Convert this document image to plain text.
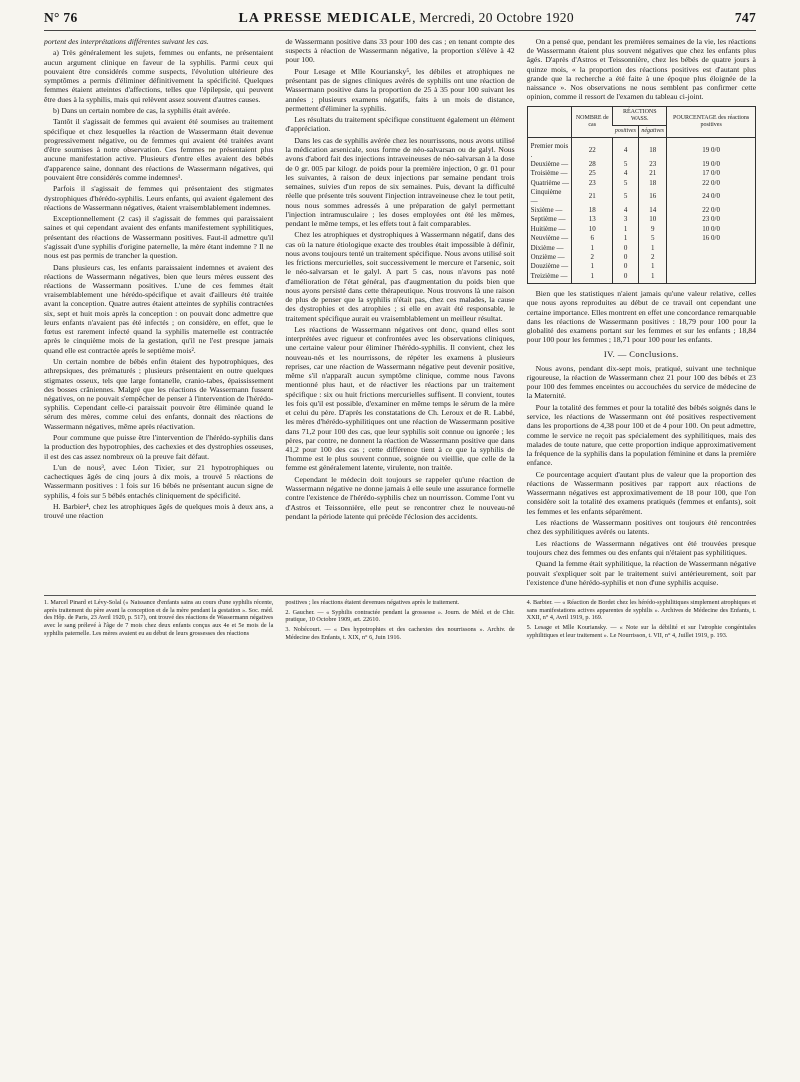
N° 76	LA PRESSE MEDICALE, Mercredi, 20 Octobre 1920	747

portent des interprétations différentes suivant les cas.

a) Très généralement les sujets, femmes ou enfants, ne présentaient aucun argument clinique en faveur de la syphilis. Parmi ceux qui pouvaient être considérés comme suspects, l'évolution ultérieure des symptômes a permis d'éliminer définitivement la spécificité. Quelques femmes étaient atteintes d'affections, telles que l'épilepsie, qui peuvent être dues à la syphilis, mais qui relèvent assez souvent d'autres causes.

b) Dans un certain nombre de cas, la syphilis était avérée.

Tantôt il s'agissait de femmes qui avaient été soumises au traitement spécifique et chez lesquelles la réaction de Wassermann était devenue progressivement négative, ou de femmes qui avaient été traitées avant d'être soumises à notre observation. Ces femmes ne présentaient plus aucune manifestation active. Plusieurs d'entre elles avaient des bébés d'apparence saine, donnant des réactions de Wassermann négatives, qui pouvaient être considérés comme indemnes¹.

Parfois il s'agissait de femmes qui présentaient des stigmates dystrophiques d'hérédo-syphilis. Leurs enfants, qui avaient également des réactions de Wassermann négatives, étaient vraisemblablement indemnes.

Exceptionnellement (2 cas) il s'agissait de femmes qui paraissaient saines et qui cependant avaient des enfants manifestement syphilitiques, présentant des réactions de Wassermann positives. Faut-il admettre qu'il s'agissait d'une syphilis d'origine paternelle, la mère étant indemne ? Il ne nous est pas permis de trancher la question.

Dans plusieurs cas, les enfants paraissaient indemnes et avaient des réactions de Wassermann négatives, bien que leurs mères eussent des réactions de Wassermann positives. L'une de ces femmes était vraisemblablement une hérédo-spécifique et avait d'ailleurs été traitée avant la conception. Quatre autres étaient atteintes de syphilis contractées six, sept et huit mois après la conception : on pouvait donc admettre que leurs enfants n'avaient pas été infectés ; on considère, en effet, que le fœtus est rarement infecté quand la syphilis maternelle est contractée après le cinquième mois de la gestation, qu'il ne l'est presque jamais quand elle est contractée après le septième mois².

Un certain nombre de bébés enfin étaient des hypotrophiques, des athrepsiques, des prématurés ; plusieurs présentaient en outre quelques stigmates osseux, tels que large fontanelle, cranio-tabes, épaississement des bosses crâniennes. Malgré que les réactions de Wassermann fussent négatives, on ne pouvait s'empêcher de penser à l'intervention de l'hérédo-syphilis. Cependant celle-ci paraissait pouvoir être éliminée quand le sérum des mères, comme celui des enfants, donnait des réactions de Wassermann négatives, même après réactivation.

Pour commune que puisse être l'intervention de l'hérédo-syphilis dans la production des hypotrophies, des cachexies et des dystrophies osseuses, il est des cas assez nombreux où la preuve fait défaut.

L'un de nous³, avec Léon Tixier, sur 21 hypotrophiques ou cachectiques âgés de cinq jours à dix mois, a trouvé 5 réactions de Wassermann positives : 1 fois sur 16 bébés ne présentant aucun signe de syphilis, 4 fois sur 5 bébés entachés cliniquement de spécificité.

H. Barbier⁴, chez les atrophiques âgés de quelques mois à deux ans, a trouvé une réaction

de Wassermann positive dans 33 pour 100 des cas ; en tenant compte des suspects à réaction de Wassermann négative, la proportion s'élève à 42 pour 100.

Pour Lesage et Mlle Kouriansky⁵, les débiles et atrophiques ne présentant pas de signes cliniques avérés de syphilis ont une réaction de Wassermann positive dans la proportion de 25 à 35 pour 100 suivant les années ; plusieurs examens négatifs, faits à un mois de distance, permettent d'éliminer la syphilis.

Les résultats du traitement spécifique constituent également un élément d'appréciation.

Dans les cas de syphilis avérée chez les nourrissons, nous avons utilisé la médication arsenicale, sous forme de néo-salvarsan ou de galyl. Nous avons d'abord fait des injections intraveineuses de néo-salvarsan à la dose de 0 gr. 005 par kilogr. de poids pour la première injection, 0 gr. 01 pour les suivantes, à raison de deux injections par semaine pendant trois semaines, suivies d'un repos de six semaines. Puis, devant la difficulté réelle que présente très souvent l'injection intraveineuse chez le tout petit, nous nous sommes adressés à une préparation de galyl permettant l'injection intramusculaire ; les doses employées ont été les mêmes, pendant le même temps, et les effets tout à fait comparables.

Chez les atrophiques et dystrophiques à Wassermann négatif, dans des cas où la nature étiologique exacte des troubles était impossible à définir, nous avons toujours tenté un traitement spécifique. Nous avons utilisé soit les frictions mercurielles, soit successivement le mercure et l'arsenic, soit le néo-salvarsan et le galyl. A part 5 cas, nous n'avons pas noté d'amélioration de l'état général, pas d'augmentation du poids bien que nous ayons persisté dans cette thérapeutique. Nous trouvons là une raison de plus de penser que la syphilis n'était pas, chez ces malades, la cause des dystrophies et des atrophies ; si elle en avait été responsable, le traitement spécifique aurait eu vraisemblablement un meilleur résultat.

Les réactions de Wassermann négatives ont donc, quand elles sont interprétées avec rigueur et confrontées avec les observations cliniques, une certaine valeur pour éliminer l'hérédo-syphilis. Il convient, chez les nouveau-nés et les nourrissons, de répéter les examens à plusieurs reprises, car une réaction de Wassermann négative peut devenir positive, même s'il n'apparaît aucun symptôme clinique, comme nous l'avons mentionné plus haut, et de réactiver les réactions par un traitement spécifique : six ou huit frictions mercurielles suffisent. Il convient, toutes les fois qu'il est possible, d'examiner en même temps le sérum de la mère et celui du père. D'après les constatations de Ch. Leroux et de R. Labbé, les mères d'hérédo-syphilitiques ont une réaction de Wassermann positive dans 71,2 pour 100 des cas, que leur syphilis soit connue ou ignorée ; les pères, par contre, ne donnent la réaction de Wassermann positive que dans 41,2 pour 100 des cas ; cette différence tient à ce que la syphilis de l'homme est le plus souvent connue, soignée ou vieillie, que celle de la femme est généralement latente, virulente, non traitée.

Cependant le médecin doit toujours se rappeler qu'une réaction de Wassermann négative ne donne jamais à elle seule une assurance formelle contre l'existence de l'hérédo-syphilis chez un nourrisson. Comme l'ont vu d'Astros et Teissonnière, elle peut se rencontrer chez le nouveau-né pendant la période latente qui précède l'éclosion des accidents.

On a pensé que, pendant les premières semaines de la vie, les réactions de Wassermann étaient plus souvent négatives que chez les enfants plus âgés. D'après d'Astros et Teissonnière, chez les bébés de quatre jours à quinze mois, « la proportion des réactions positives est d'autant plus grande que la recherche a été faite à une époque plus éloignée de la naissance ». Nos observations ne nous semblent pas confirmer cette opinion, comme il ressort de l'examen du tableau ci-joint.

	NOMBRE de cas	RÉACTIONS WASS.		POURCENTAGE des réactions positives
		positives	négatives	
Premier mois .	22	4	18	19 0/0
Deuxième —	28	5	23	19 0/0
Troisième —	25	4	21	17 0/0
Quatrième —	23	5	18	22 0/0
Cinquième —	21	5	16	24 0/0
Sixième —	18	4	14	22 0/0
Septième —	13	3	10	23 0/0
Huitième —	10	1	9	10 0/0
Neuvième —	6	1	5	16 0/0
Dixième —	1	0	1	
Onzième —	2	0	2	
Douzième —	1	0	1	
Treizième —	1	0	1	

Bien que les statistiques n'aient jamais qu'une valeur relative, celles que nous ayons reproduites au début de ce travail ont cependant une certaine importance. Elles montrent en effet une concordance remarquable dans les réactions de Wassermann positives : 18,79 pour 100 pour la globalité des examens portant sur les femmes et sur les enfants ; 18,84 pour 100 pour les femmes ; 18,71 pour 100 pour les enfants.

IV. — Conclusions.

Nous avons, pendant dix-sept mois, pratiqué, suivant une technique rigoureuse, la réaction de Wassermann chez 21 pour 100 des bébés et 23 pour 100 des femmes enceintes ou accouchées du service de médecine de la Maternité.

Pour la totalité des femmes et pour la totalité des bébés soignés dans le service, les réactions de Wassermann ont été positives respectivement dans les proportions de 4,38 pour 100 et de 4 pour 100. On peut admettre, comme le service ne reçoit pas spécialement des syphilitiques, mais des malades de toute nature, que cette proportion indique approximativement la fréquence de la syphilis dans la population féminine et dans la première enfance.

Ce pourcentage acquiert d'autant plus de valeur que la proportion des réactions de Wassermann positives par rapport aux réactions de Wassermann négatives est approximativement de 18 pour 100, que l'on considère soit la totalité des examens pratiqués (femmes et enfants), soit les femmes et les enfants séparément.

Les réactions de Wassermann positives ont toujours été rencontrées chez des syphilitiques avérés ou latents.

Les réactions de Wassermann négatives ont été trouvées presque toujours chez des femmes ou des enfants qui n'étaient pas syphilitiques.

Quand la femme était syphilitique, la réaction de Wassermann négative pouvait s'expliquer soit par le traitement suivi antérieurement, soit par l'existence d'une hérédo-syphilis et non d'une syphilis acquise.

1. Marcel Pinard et Lévy-Solal (« Naissance d'enfants sains au cours d'une syphilis récente, après traitement du père avant la conception et de la mère pendant la gestation ». Soc. méd. des Hôp. de Paris, 23 Avril 1920, p. 517), ont trouvé des réactions de Wassermann négatives avec le sang prélevé à l'âge de 7 mois chez deux enfants conçus aux 4e et 5e mois de la syphilis paternelle. Les mères avaient eu au début de leurs grossesses des réactions

positives ; les réactions étaient devenues négatives après le traitement.

2. Gaucher. — « Syphilis contractée pendant la grossesse ». Journ. de Méd. et de Chir. pratique, 10 Octobre 1909, art. 22610.

3. Nobécourt. — « Des hypotrophies et des cachexies des nourrissons ». Archiv. de Médecine des Enfants, t. XIX, n° 6, Juin 1916.

4. Barbier. — « Réaction de Bordet chez les hérédo-syphilitiques simplement atrophiques et sans manifestations actives apparentes de syphilis ». Archives de Médecine des Enfants, t. XXII, n° 4, Avril 1919, p. 169.

5. Lesage et Mlle Kouriansky. — « Note sur la débilité et sur l'atrophie congénitales syphilitiques et leur traitement ». Le Nourrisson, t. VII, n° 4, Juillet 1919, p. 193.
